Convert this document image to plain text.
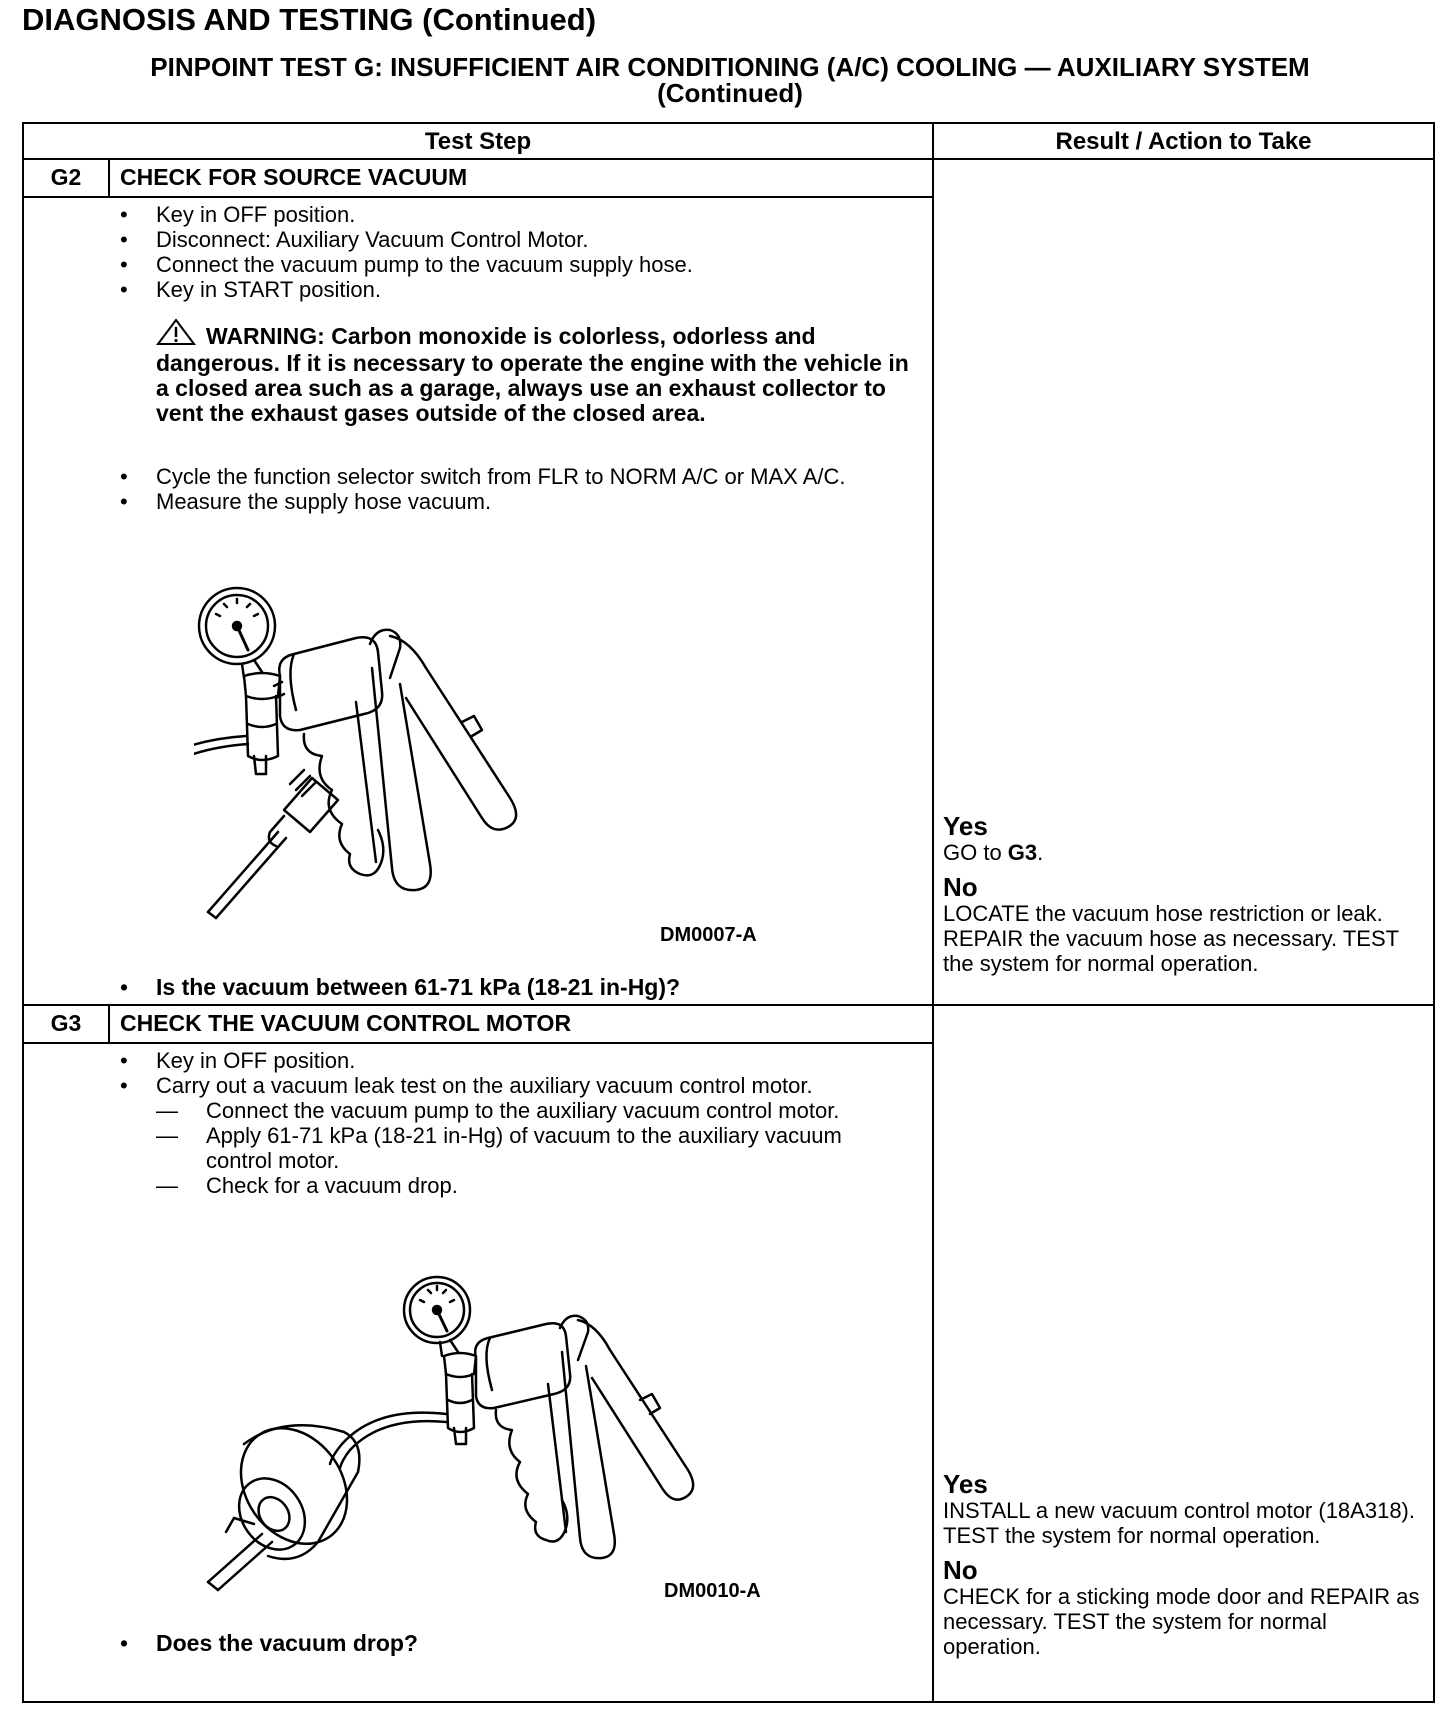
DIAGNOSIS AND TESTING (Continued)
PINPOINT TEST G: INSUFFICIENT AIR CONDITIONING (A/C) COOLING — AUXILIARY SYSTEM
(Continued)
Test Step	Result / Action to Take
G2	CHECK FOR SOURCE VACUUM
• Key in OFF position.
• Disconnect: Auxiliary Vacuum Control Motor.
• Connect the vacuum pump to the vacuum supply hose.
• Key in START position.
WARNING: Carbon monoxide is colorless, odorless and dangerous. If it is necessary to operate the engine with the vehicle in a closed area such as a garage, always use an exhaust collector to vent the exhaust gases outside of the closed area.
• Cycle the function selector switch from FLR to NORM A/C or MAX A/C.
• Measure the supply hose vacuum.
DM0007-A
• Is the vacuum between 61-71 kPa (18-21 in-Hg)?
Yes
GO to G3.
No
LOCATE the vacuum hose restriction or leak. REPAIR the vacuum hose as necessary. TEST the system for normal operation.
G3	CHECK THE VACUUM CONTROL MOTOR
• Key in OFF position.
• Carry out a vacuum leak test on the auxiliary vacuum control motor.
— Connect the vacuum pump to the auxiliary vacuum control motor.
— Apply 61-71 kPa (18-21 in-Hg) of vacuum to the auxiliary vacuum control motor.
— Check for a vacuum drop.
DM0010-A
• Does the vacuum drop?
Yes
INSTALL a new vacuum control motor (18A318). TEST the system for normal operation.
No
CHECK for a sticking mode door and REPAIR as necessary. TEST the system for normal operation.
